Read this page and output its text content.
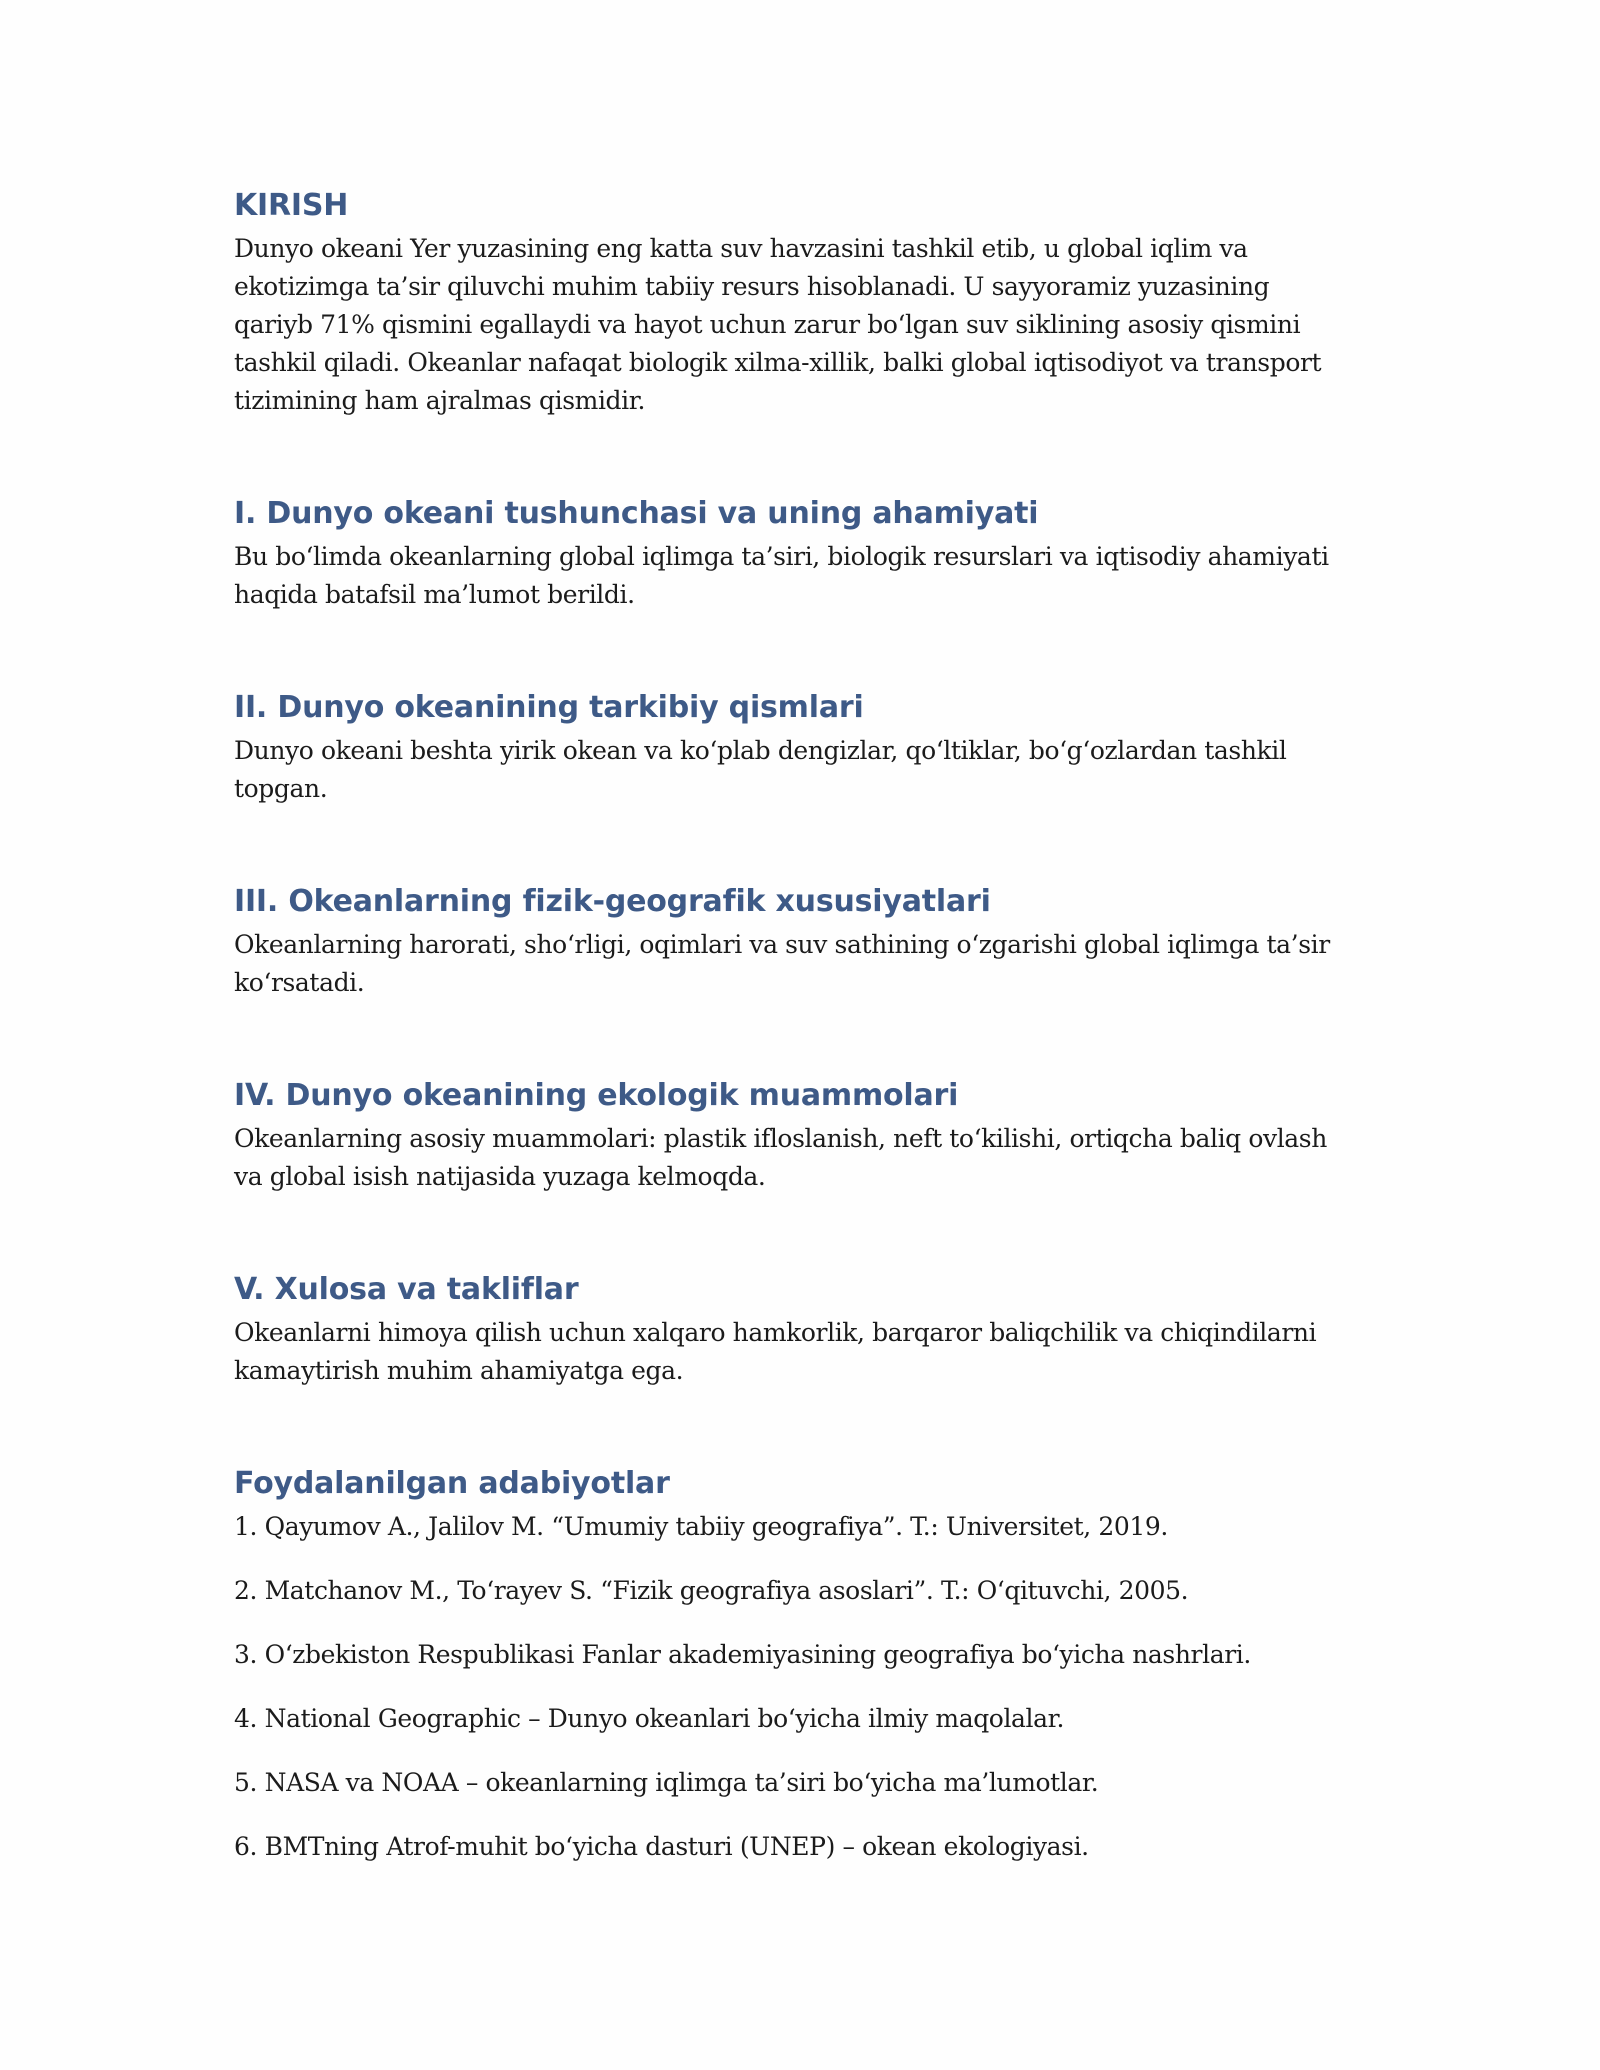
KIRISH

Dunyo okeani Yer yuzasining eng katta suv havzasini tashkil etib, u global iqlim va ekotizimga ta’sir qiluvchi muhim tabiiy resurs hisoblanadi. U sayyoramiz yuzasining qariyb 71% qismini egallaydi va hayot uchun zarur bo‘lgan suv siklining asosiy qismini tashkil qiladi. Okeanlar nafaqat biologik xilma-xillik, balki global iqtisodiyot va transport tizimining ham ajralmas qismidir.

I. Dunyo okeani tushunchasi va uning ahamiyati

Bu bo‘limda okeanlarning global iqlimga ta’siri, biologik resurslari va iqtisodiy ahamiyati haqida batafsil ma’lumot berildi.

II. Dunyo okeanining tarkibiy qismlari

Dunyo okeani beshta yirik okean va ko‘plab dengizlar, qo‘ltiklar, bo‘g‘ozlardan tashkil topgan.

III. Okeanlarning fizik-geografik xususiyatlari

Okeanlarning harorati, sho‘rligi, oqimlari va suv sathining o‘zgarishi global iqlimga ta’sir ko‘rsatadi.

IV. Dunyo okeanining ekologik muammolari

Okeanlarning asosiy muammolari: plastik ifloslanish, neft to‘kilishi, ortiqcha baliq ovlash va global isish natijasida yuzaga kelmoqda.

V. Xulosa va takliflar

Okeanlarni himoya qilish uchun xalqaro hamkorlik, barqaror baliqchilik va chiqindilarni kamaytirish muhim ahamiyatga ega.

Foydalanilgan adabiyotlar

1. Qayumov A., Jalilov M. “Umumiy tabiiy geografiya”. T.: Universitet, 2019.

2. Matchanov M., To‘rayev S. “Fizik geografiya asoslari”. T.: O‘qituvchi, 2005.

3. O‘zbekiston Respublikasi Fanlar akademiyasining geografiya bo‘yicha nashrlari.

4. National Geographic – Dunyo okeanlari bo‘yicha ilmiy maqolalar.

5. NASA va NOAA – okeanlarning iqlimga ta’siri bo‘yicha ma’lumotlar.

6. BMTning Atrof-muhit bo‘yicha dasturi (UNEP) – okean ekologiyasi.
